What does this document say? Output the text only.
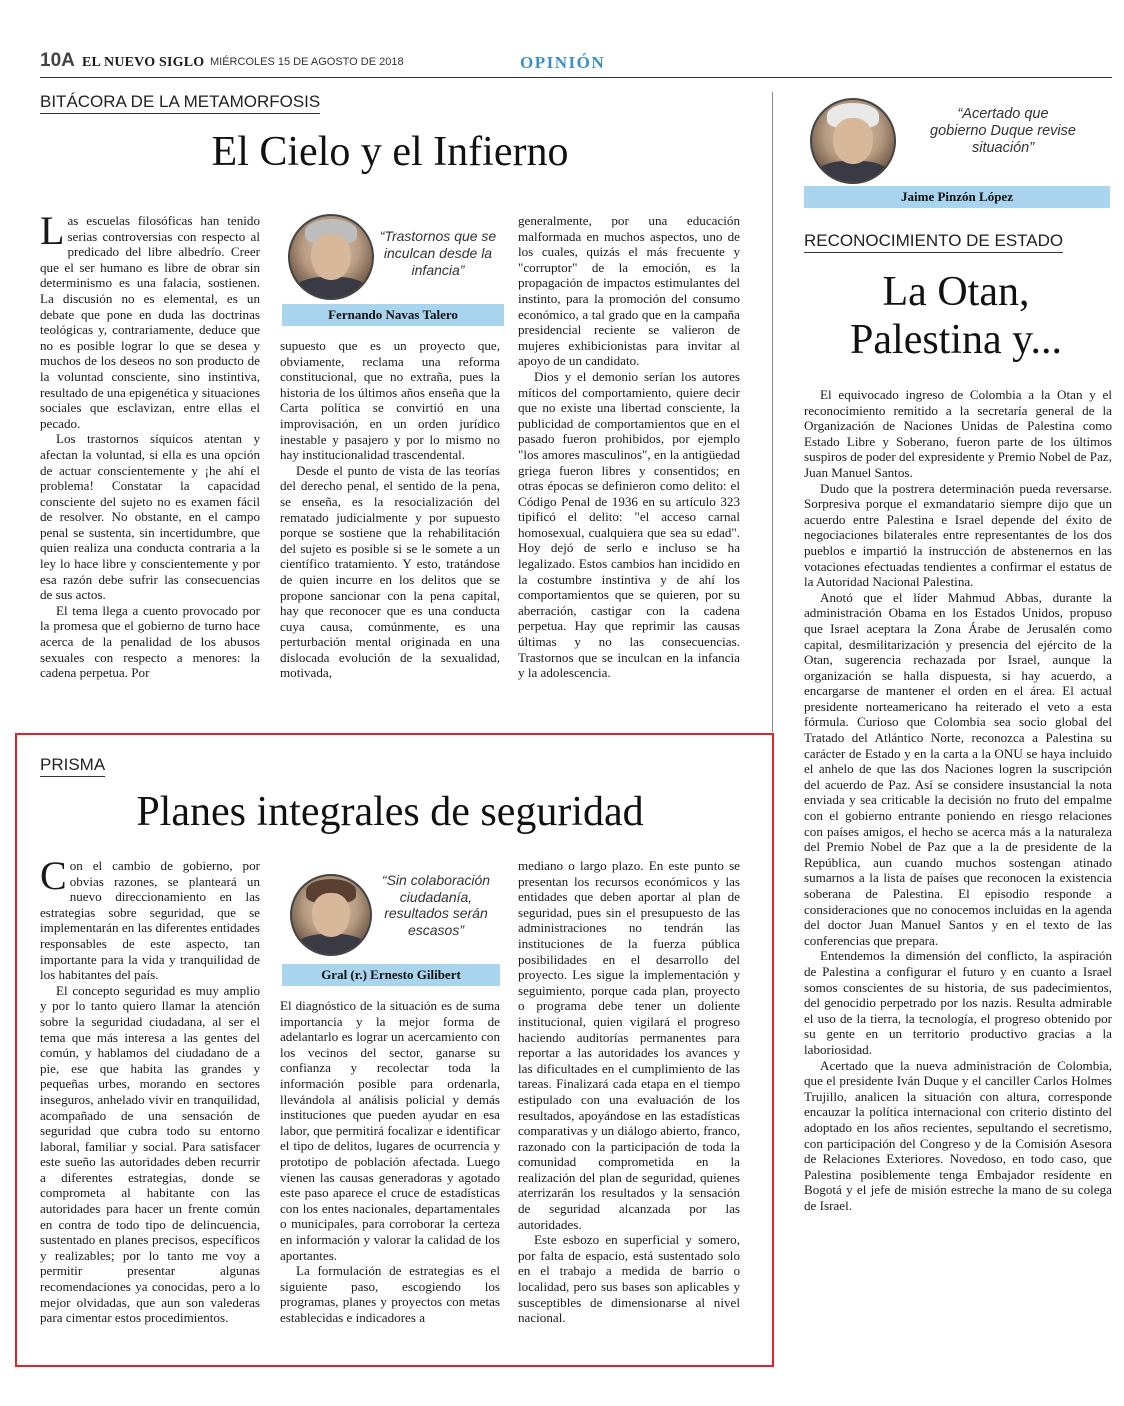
10A EL NUEVO SIGLO MIÉRCOLES 15 DE AGOSTO DE 2018	OPINIÓN
BITÁCORA DE LA METAMORFOSIS
El Cielo y el Infierno

Las escuelas filosóficas han tenido serias controversias con respecto al predicado del libre albedrío. Creer que el ser humano es libre de obrar sin determinismo es una falacia, sostienen. La discusión no es elemental, es un debate que pone en duda las doctrinas teológicas y, contrariamente, deduce que no es posible lograr lo que se desea y muchos de los deseos no son producto de la voluntad consciente, sino instintiva, resultado de una epigenética y situaciones sociales que esclavizan, entre ellas el pecado.

Los trastornos síquicos atentan y afectan la voluntad, si ella es una opción de actuar conscientemente y ¡he ahí el problema! Constatar la capacidad consciente del sujeto no es examen fácil de resolver. No obstante, en el campo penal se sustenta, sin incertidumbre, que quien realiza una conducta contraria a la ley lo hace libre y conscientemente y por esa razón debe sufrir las consecuencias de sus actos.

El tema llega a cuento provocado por la promesa que el gobierno de turno hace acerca de la penalidad de los abusos sexuales con respecto a menores: la cadena perpetua. Por

“Trastornos que se inculcan desde la infancia”
Fernando Navas Talero

supuesto que es un proyecto que, obviamente, reclama una reforma constitucional, que no extraña, pues la historia de los últimos años enseña que la Carta política se convirtió en una improvisación, en un orden jurídico inestable y pasajero y por lo mismo no hay institucionalidad trascendental.

Desde el punto de vista de las teorías del derecho penal, el sentido de la pena, se enseña, es la resocialización del rematado judicialmente y por supuesto porque se sostiene que la rehabilitación del sujeto es posible si se le somete a un científico tratamiento. Y esto, tratándose de quien incurre en los delitos que se propone sancionar con la pena capital, hay que reconocer que es una conducta cuya causa, comúnmente, es una perturbación mental originada en una dislocada evolución de la sexualidad, motivada,

generalmente, por una educación malformada en muchos aspectos, uno de los cuales, quizás el más frecuente y "corruptor" de la emoción, es la propagación de impactos estimulantes del instinto, para la promoción del consumo económico, a tal grado que en la campaña presidencial reciente se valieron de mujeres exhibicionistas para invitar al apoyo de un candidato.

Dios y el demonio serían los autores míticos del comportamiento, quiere decir que no existe una libertad consciente, la publicidad de comportamientos que en el pasado fueron prohibidos, por ejemplo "los amores masculinos", en la antigüedad griega fueron libres y consentidos; en otras épocas se definieron como delito: el Código Penal de 1936 en su artículo 323 tipificó el delito: "el acceso carnal homosexual, cualquiera que sea su edad". Hoy dejó de serlo e incluso se ha legalizado. Estos cambios han incidido en la costumbre instintiva y de ahí los comportamientos que se quieren, por su aberración, castigar con la cadena perpetua. Hay que reprimir las causas últimas y no las consecuencias. Trastornos que se inculcan en la infancia y la adolescencia.

PRISMA
Planes integrales de seguridad

Con el cambio de gobierno, por obvias razones, se planteará un nuevo direccionamiento en las estrategias sobre seguridad, que se implementarán en las diferentes entidades responsables de este aspecto, tan importante para la vida y tranquilidad de los habitantes del país.

El concepto seguridad es muy amplio y por lo tanto quiero llamar la atención sobre la seguridad ciudadana, al ser el tema que más interesa a las gentes del común, y hablamos del ciudadano de a pie, ese que habita las grandes y pequeñas urbes, morando en sectores inseguros, anhelado vivir en tranquilidad, acompañado de una sensación de seguridad que cubra todo su entorno laboral, familiar y social. Para satisfacer este sueño las autoridades deben recurrir a diferentes estrategias, donde se comprometa al habitante con las autoridades para hacer un frente común en contra de todo tipo de delincuencia, sustentado en planes precisos, específicos y realizables; por lo tanto me voy a permitir presentar algunas recomendaciones ya conocidas, pero a lo mejor olvidadas, que aun son valederas para cimentar estos procedimientos.

“Sin colaboración ciudadanía, resultados serán escasos”
Gral (r.) Ernesto Gilibert

El diagnóstico de la situación es de suma importancia y la mejor forma de adelantarlo es lograr un acercamiento con los vecinos del sector, ganarse su confianza y recolectar toda la información posible para ordenarla, llevándola al análisis policial y demás instituciones que pueden ayudar en esa labor, que permitirá focalizar e identificar el tipo de delitos, lugares de ocurrencia y prototipo de población afectada. Luego vienen las causas generadoras y agotado este paso aparece el cruce de estadísticas con los entes nacionales, departamentales o municipales, para corroborar la certeza en información y valorar la calidad de los aportantes.

La formulación de estrategias es el siguiente paso, escogiendo los programas, planes y proyectos con metas establecidas e indicadores a

mediano o largo plazo. En este punto se presentan los recursos económicos y las entidades que deben aportar al plan de seguridad, pues sin el presupuesto de las administraciones no tendrán las instituciones de la fuerza pública posibilidades en el desarrollo del proyecto. Les sigue la implementación y seguimiento, porque cada plan, proyecto o programa debe tener un doliente institucional, quien vigilará el progreso haciendo auditorías permanentes para reportar a las autoridades los avances y las dificultades en el cumplimiento de las tareas. Finalizará cada etapa en el tiempo estipulado con una evaluación de los resultados, apoyándose en las estadísticas comparativas y un diálogo abierto, franco, razonado con la participación de toda la comunidad comprometida en la realización del plan de seguridad, quienes aterrizarán los resultados y la sensación de seguridad alcanzada por las autoridades.

Este esbozo en superficial y somero, por falta de espacio, está sustentado solo en el trabajo a medida de barrio o localidad, pero sus bases son aplicables y susceptibles de dimensionarse al nivel nacional.

“Acertado que gobierno Duque revise situación”
Jaime Pinzón López
RECONOCIMIENTO DE ESTADO
La Otan,
Palestina y...

El equivocado ingreso de Colombia a la Otan y el reconocimiento remitido a la secretaría general de la Organización de Naciones Unidas de Palestina como Estado Libre y Soberano, fueron parte de los últimos suspiros de poder del expresidente y Premio Nobel de Paz, Juan Manuel Santos.

Dudo que la postrera determinación pueda reversarse. Sorpresiva porque el exmandatario siempre dijo que un acuerdo entre Palestina e Israel depende del éxito de negociaciones bilaterales entre representantes de los dos pueblos e impartió la instrucción de abstenernos en las votaciones efectuadas tendientes a confirmar el estatus de la Autoridad Nacional Palestina.

Anotó que el líder Mahmud Abbas, durante la administración Obama en los Estados Unidos, propuso que Israel aceptara la Zona Árabe de Jerusalén como capital, desmilitarización y presencia del ejército de la Otan, sugerencia rechazada por Israel, aunque la organización se halla dispuesta, si hay acuerdo, a encargarse de mantener el orden en el área. El actual presidente norteamericano ha reiterado el veto a esta fórmula. Curioso que Colombia sea socio global del Tratado del Atlántico Norte, reconozca a Palestina su carácter de Estado y en la carta a la ONU se haya incluido el anhelo de que las dos Naciones logren la suscripción del acuerdo de Paz. Así se considere insustancial la nota enviada y sea criticable la decisión no fruto del empalme con el gobierno entrante poniendo en riesgo relaciones con países amigos, el hecho se acerca más a la naturaleza del Premio Nobel de Paz que a la de presidente de la República, aun cuando muchos sostengan atinado sumarnos a la lista de países que reconocen la existencia soberana de Palestina. El episodio responde a consideraciones que no conocemos incluidas en la agenda del doctor Juan Manuel Santos y en el texto de las conferencias que prepara.

Entendemos la dimensión del conflicto, la aspiración de Palestina a configurar el futuro y en cuanto a Israel somos conscientes de su historia, de sus padecimientos, del genocidio perpetrado por los nazis. Resulta admirable el uso de la tierra, la tecnología, el progreso obtenido por su gente en un territorio productivo gracias a la laboriosidad.

Acertado que la nueva administración de Colombia, que el presidente Iván Duque y el canciller Carlos Holmes Trujillo, analicen la situación con altura, corresponde encauzar la política internacional con criterio distinto del adoptado en los años recientes, sepultando el secretismo, con participación del Congreso y de la Comisión Asesora de Relaciones Exteriores. Novedoso, en todo caso, que Palestina posiblemente tenga Embajador residente en Bogotá y el jefe de misión estreche la mano de su colega de Israel.
